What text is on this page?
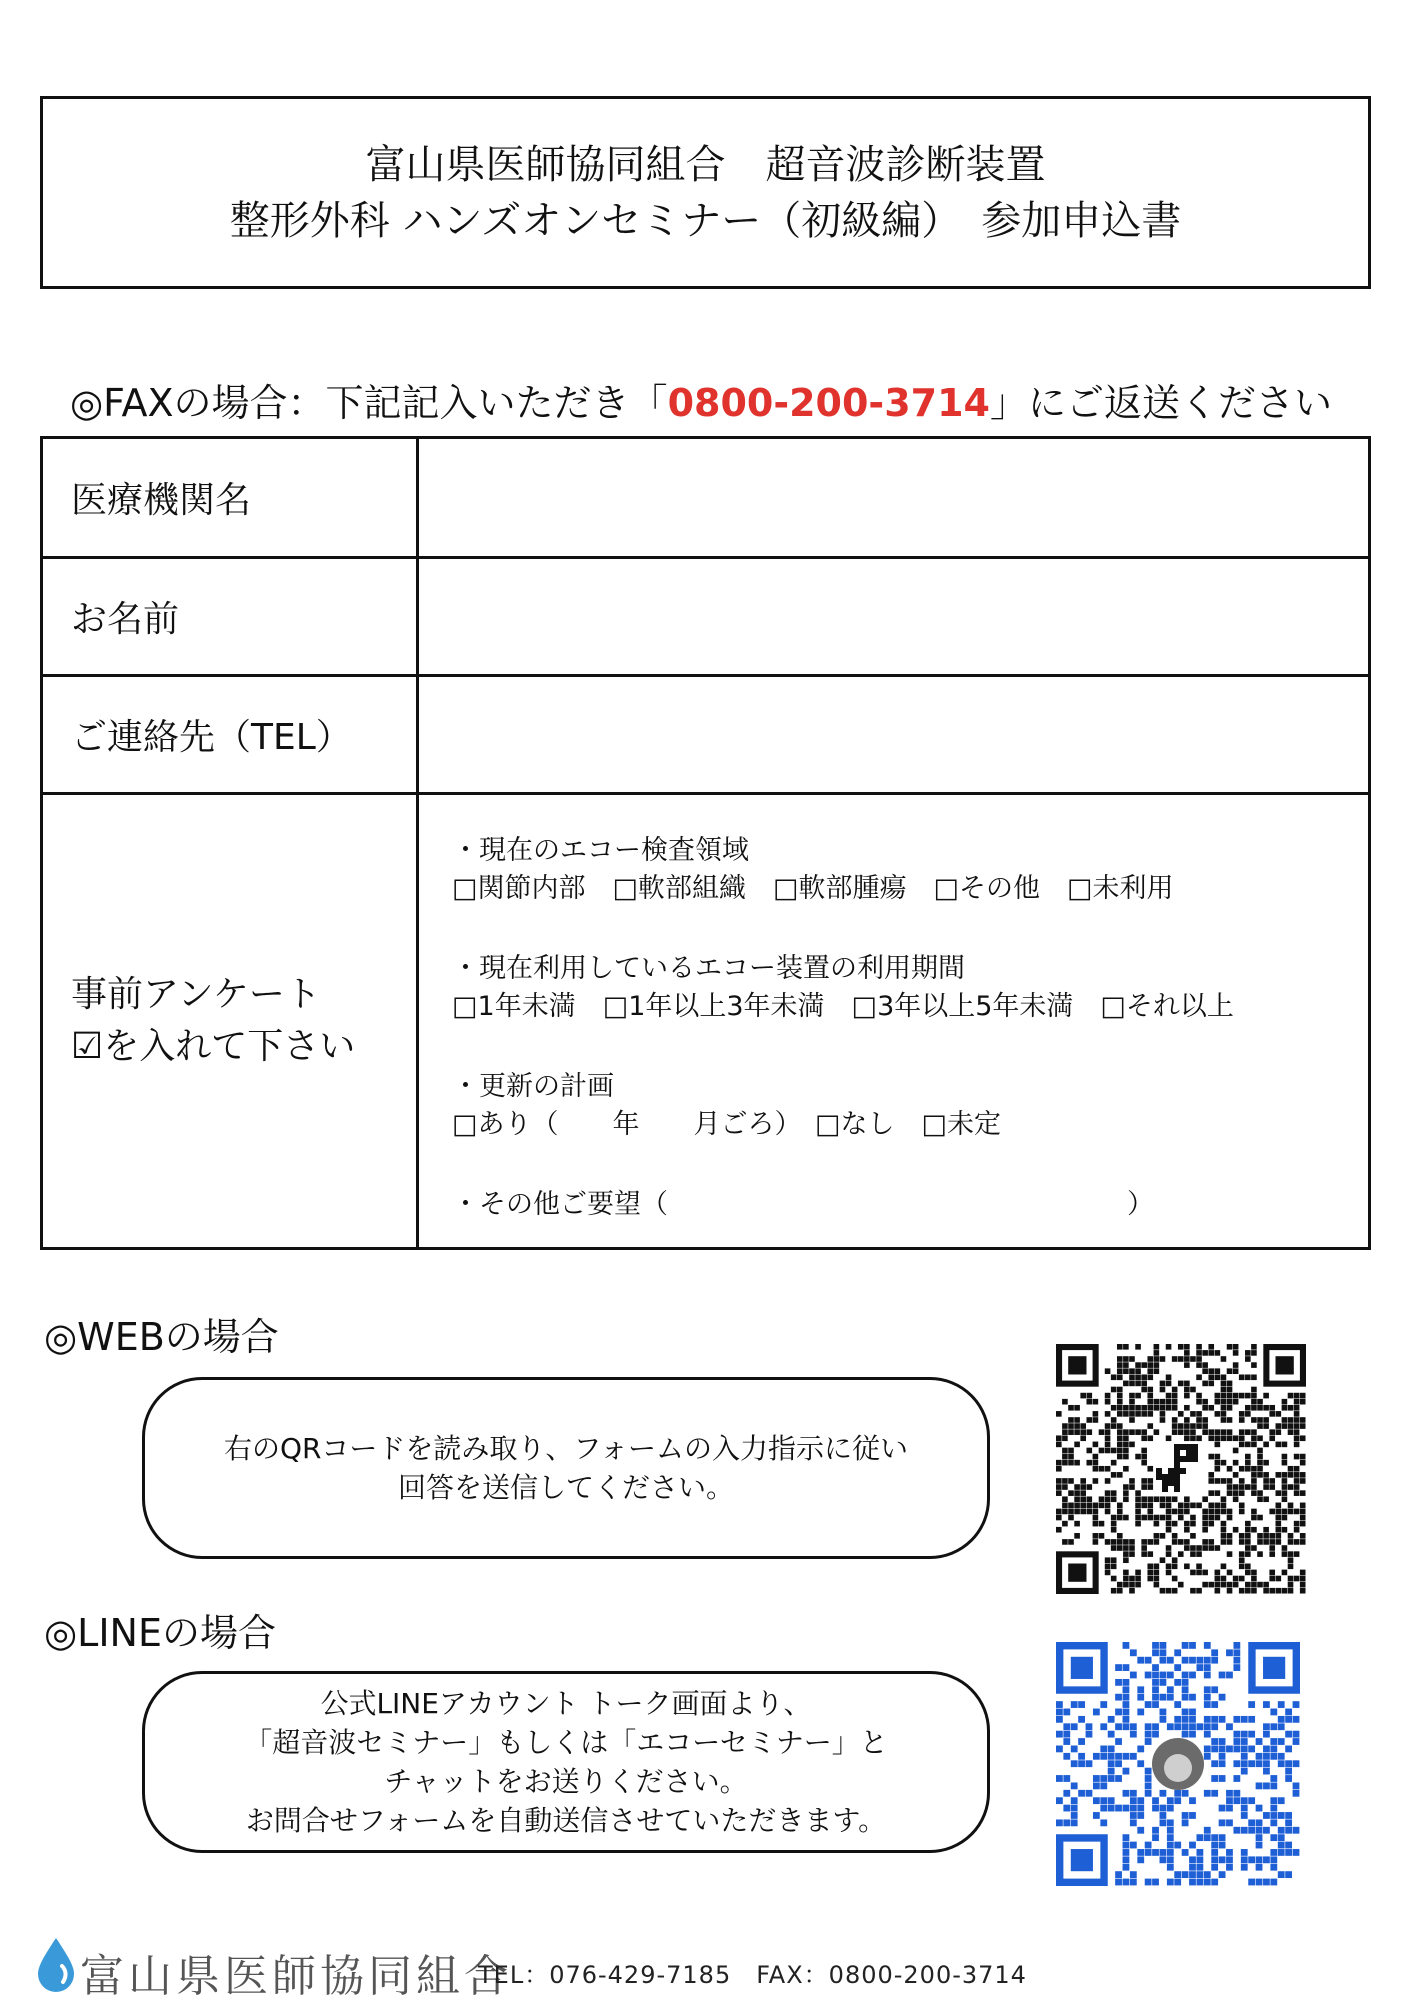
富山県医師協同組合　超音波診断装置
整形外科 ハンズオンセミナー（初級編）　参加申込書
◎FAXの場合：下記記入いただき「0800-200-3714」にご返送ください
医療機関名
お名前
ご連絡先（TEL）
事前アンケート
☑を入れて下さい
・現在のエコー検査領域
□関節内部　□軟部組織　□軟部腫瘍　□その他　□未利用
・現在利用しているエコー装置の利用期間
□1年未満　□1年以上3年未満　□3年以上5年未満　□それ以上
・更新の計画
□あり（　　年　　月ごろ）　□なし　□未定
・その他ご要望（　　　　　　　　　　　　　　　　　）
◎WEBの場合
右のQRコードを読み取り、フォームの入力指示に従い
回答を送信してください。
◎LINEの場合
公式LINEアカウント トーク画面より、
「超音波セミナー」もしくは「エコーセミナー」と
チャットをお送りください。
お問合せフォームを自動送信させていただきます。
富山県医師協同組合
TEL：076-429-7185　FAX：0800-200-3714
